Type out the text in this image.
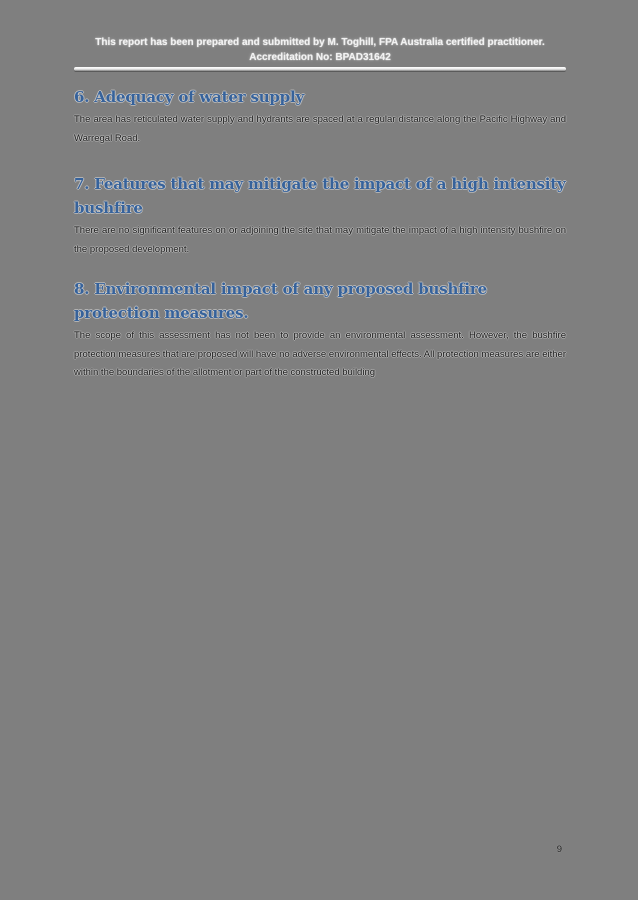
This report has been prepared and submitted by M. Toghill, FPA Australia certified practitioner.
Accreditation No: BPAD31642
6. Adequacy of water supply

The area has reticulated water supply and hydrants are spaced at a regular distance along the Pacific Highway and Warregal Road.

7. Features that may mitigate the impact of a high intensity bushfire

There are no significant features on or adjoining the site that may mitigate the impact of a high intensity bushfire on the proposed development.

8. Environmental impact of any proposed bushfire protection measures.

The scope of this assessment has not been to provide an environmental assessment. However, the bushfire protection measures that are proposed will have no adverse environmental effects. All protection measures are either within the boundaries of the allotment or part of the constructed building

9
